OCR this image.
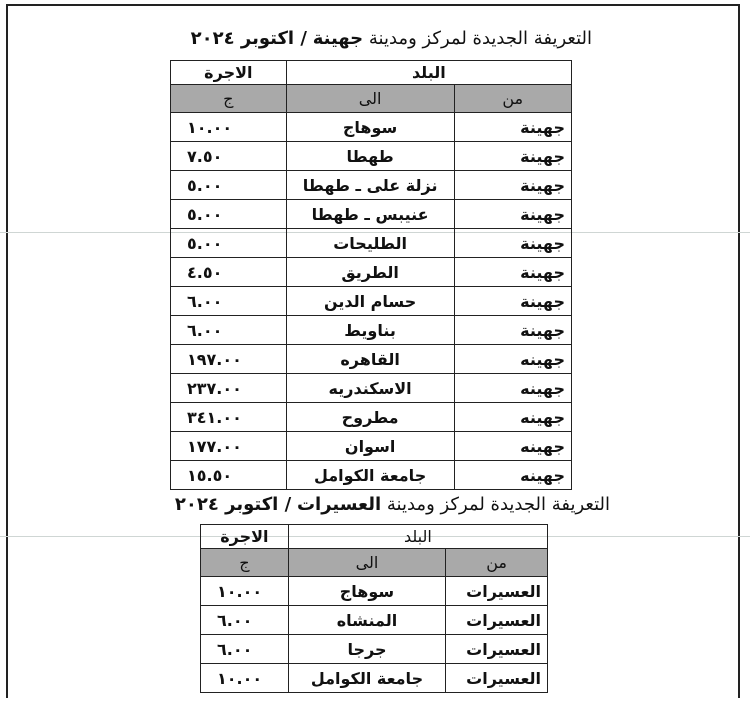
التعريفة الجديدة لمركز ومدينة جهينة / اكتوبر ٢٠٢٤
البلد		الاجرة
من	الى	ج
جهينة	سوهاج	١٠.٠٠
جهينة	طهطا	٧.٥٠
جهينة	نزلة على ـ طهطا	٥.٠٠
جهينة	عنيبس ـ طهطا	٥.٠٠
جهينة	الطليحات	٥.٠٠
جهينة	الطريق	٤.٥٠
جهينة	حسام الدين	٦.٠٠
جهينة	بناويط	٦.٠٠
جهينه	القاهره	١٩٧.٠٠
جهينه	الاسكندريه	٢٣٧.٠٠
جهينه	مطروح	٣٤١.٠٠
جهينه	اسوان	١٧٧.٠٠
جهينه	جامعة الكوامل	١٥.٥٠
التعريفة الجديدة لمركز ومدينة العسيرات / اكتوبر ٢٠٢٤
البلد		الاجرة
من	الى	ج
العسيرات	سوهاج	١٠.٠٠
العسيرات	المنشاه	٦.٠٠
العسيرات	جرجا	٦.٠٠
العسيرات	جامعة الكوامل	١٠.٠٠
